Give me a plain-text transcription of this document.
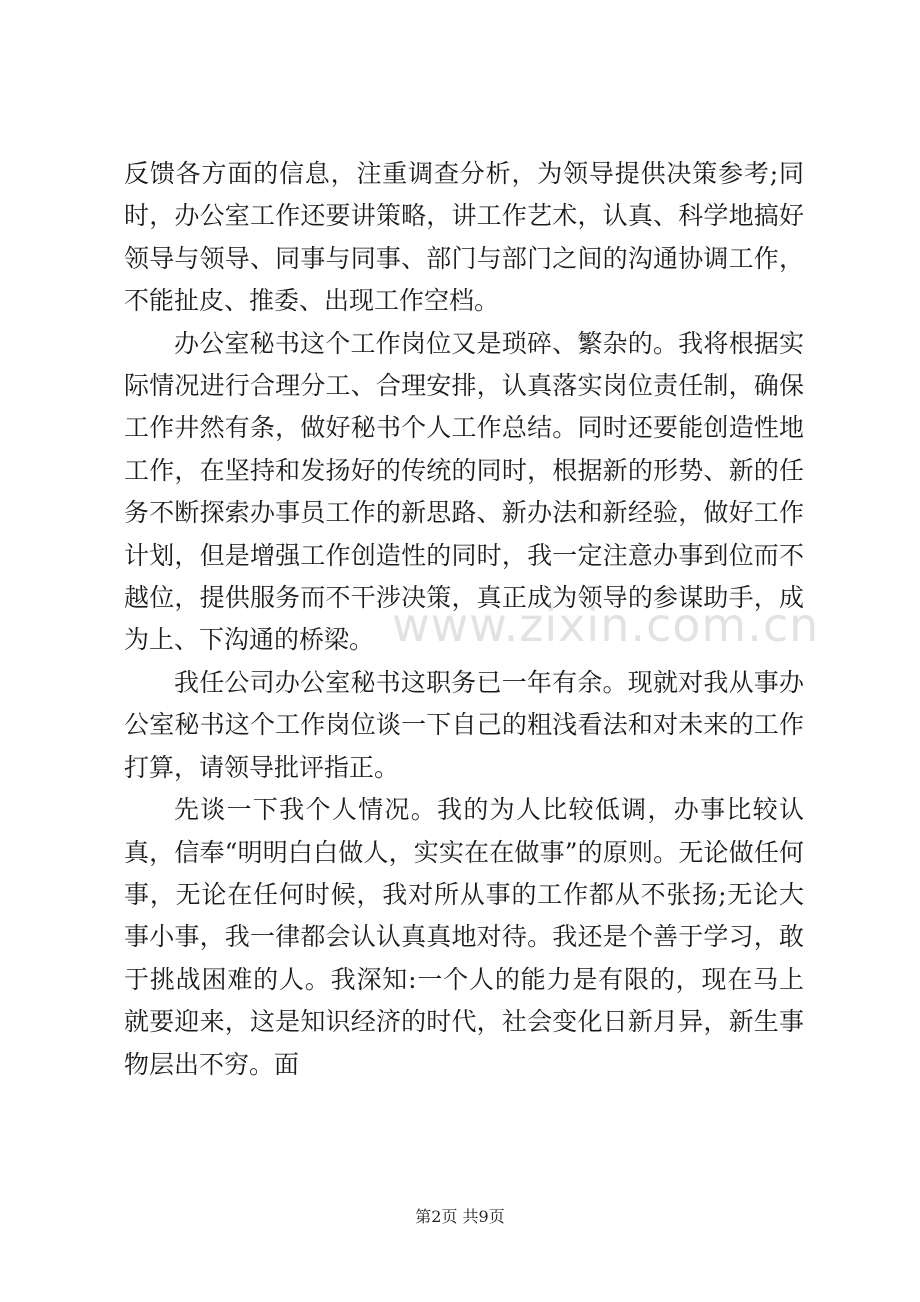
反馈各方面的信息，注重调查分析，为领导提供决策参考;同时，办公室工作还要讲策略，讲工作艺术，认真、科学地搞好领导与领导、同事与同事、部门与部门之间的沟通协调工作，不能扯皮、推委、出现工作空档。

办公室秘书这个工作岗位又是琐碎、繁杂的。我将根据实际情况进行合理分工、合理安排，认真落实岗位责任制，确保工作井然有条，做好秘书个人工作总结。同时还要能创造性地工作，在坚持和发扬好的传统的同时，根据新的形势、新的任务不断探索办事员工作的新思路、新办法和新经验，做好工作计划，但是增强工作创造性的同时，我一定注意办事到位而不越位，提供服务而不干涉决策，真正成为领导的参谋助手，成为上、下沟通的桥梁。

我任公司办公室秘书这职务已一年有余。现就对我从事办公室秘书这个工作岗位谈一下自己的粗浅看法和对未来的工作打算，请领导批评指正。

先谈一下我个人情况。我的为人比较低调，办事比较认真，信奉“明明白白做人，实实在在做事”的原则。无论做任何事，无论在任何时候，我对所从事的工作都从不张扬;无论大事小事，我一律都会认认真真地对待。我还是个善于学习，敢于挑战困难的人。我深知:一个人的能力是有限的，现在马上就要迎来，这是知识经济的时代，社会变化日新月异，新生事物层出不穷。面

www.zixin.com.cn
第2页 共9页
